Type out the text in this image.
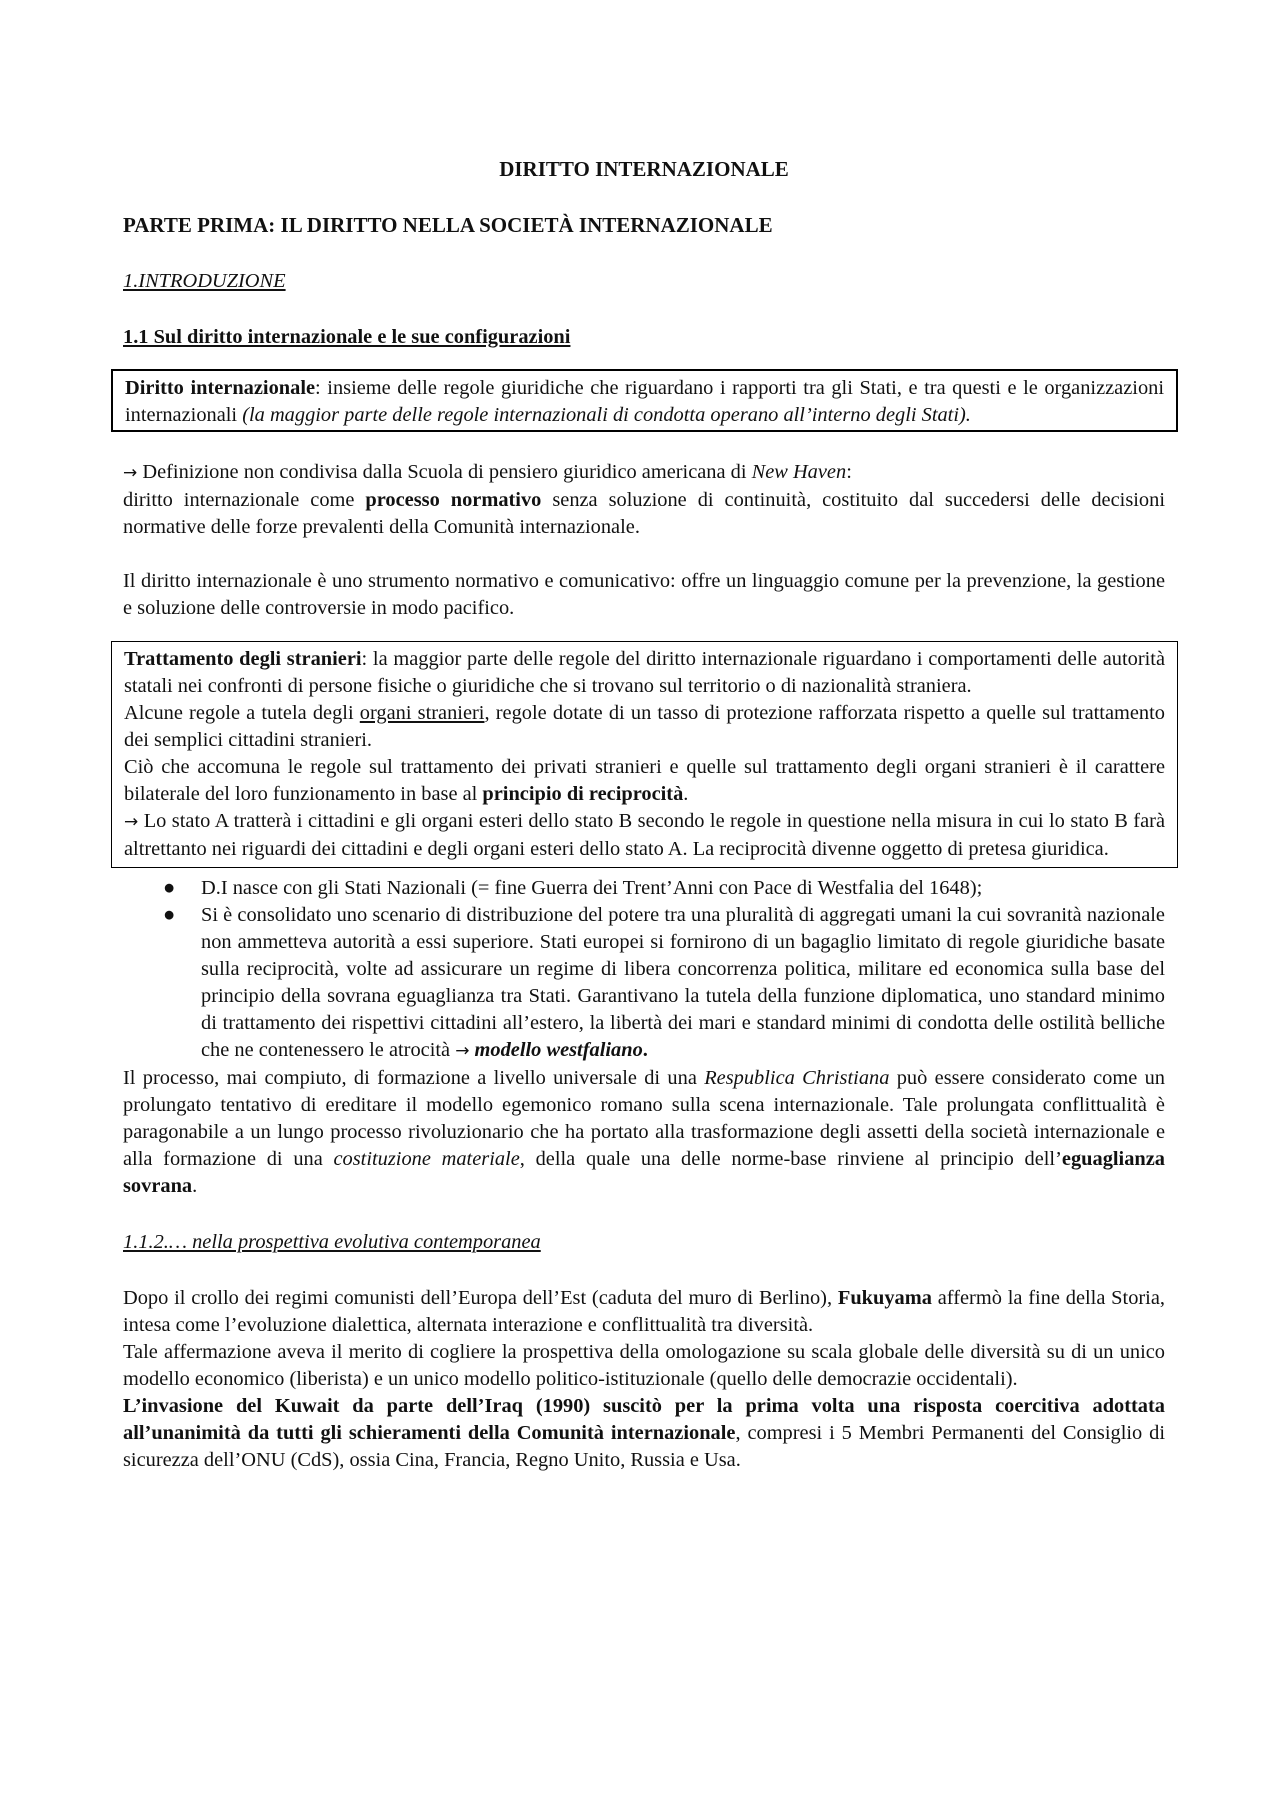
DIRITTO INTERNAZIONALE

PARTE PRIMA: IL DIRITTO NELLA SOCIETÀ INTERNAZIONALE

1.INTRODUZIONE

1.1 Sul diritto internazionale e le sue configurazioni

Diritto internazionale: insieme delle regole giuridiche che riguardano i rapporti tra gli Stati, e tra questi e le organizzazioni internazionali (la maggior parte delle regole internazionali di condotta operano all’interno degli Stati).

→ Definizione non condivisa dalla Scuola di pensiero giuridico americana di New Haven:
diritto internazionale come processo normativo senza soluzione di continuità, costituito dal succedersi delle decisioni normative delle forze prevalenti della Comunità internazionale.

Il diritto internazionale è uno strumento normativo e comunicativo: offre un linguaggio comune per la prevenzione, la gestione e soluzione delle controversie in modo pacifico.

Trattamento degli stranieri: la maggior parte delle regole del diritto internazionale riguardano i comportamenti delle autorità statali nei confronti di persone fisiche o giuridiche che si trovano sul territorio o di nazionalità straniera.

Alcune regole a tutela degli organi stranieri, regole dotate di un tasso di protezione rafforzata rispetto a quelle sul trattamento dei semplici cittadini stranieri.

Ciò che accomuna le regole sul trattamento dei privati stranieri e quelle sul trattamento degli organi stranieri è il carattere bilaterale del loro funzionamento in base al principio di reciprocità.

→ Lo stato A tratterà i cittadini e gli organi esteri dello stato B secondo le regole in questione nella misura in cui lo stato B farà altrettanto nei riguardi dei cittadini e degli organi esteri dello stato A. La reciprocità divenne oggetto di pretesa giuridica.

● D.I nasce con gli Stati Nazionali (= fine Guerra dei Trent’Anni con Pace di Westfalia del 1648);
● Si è consolidato uno scenario di distribuzione del potere tra una pluralità di aggregati umani la cui sovranità nazionale non ammetteva autorità a essi superiore. Stati europei si fornirono di un bagaglio limitato di regole giuridiche basate sulla reciprocità, volte ad assicurare un regime di libera concorrenza politica, militare ed economica sulla base del principio della sovrana eguaglianza tra Stati. Garantivano la tutela della funzione diplomatica, uno standard minimo di trattamento dei rispettivi cittadini all’estero, la libertà dei mari e standard minimi di condotta delle ostilità belliche che ne contenessero le atrocità → modello westfaliano.

Il processo, mai compiuto, di formazione a livello universale di una Respublica Christiana può essere considerato come un prolungato tentativo di ereditare il modello egemonico romano sulla scena internazionale. Tale prolungata conflittualità è paragonabile a un lungo processo rivoluzionario che ha portato alla trasformazione degli assetti della società internazionale e alla formazione di una costituzione materiale, della quale una delle norme-base rinviene al principio dell’eguaglianza sovrana.

1.1.2.… nella prospettiva evolutiva contemporanea

Dopo il crollo dei regimi comunisti dell’Europa dell’Est (caduta del muro di Berlino), Fukuyama affermò la fine della Storia, intesa come l’evoluzione dialettica, alternata interazione e conflittualità tra diversità.

Tale affermazione aveva il merito di cogliere la prospettiva della omologazione su scala globale delle diversità su di un unico modello economico (liberista) e un unico modello politico-istituzionale (quello delle democrazie occidentali).

L’invasione del Kuwait da parte dell’Iraq (1990) suscitò per la prima volta una risposta coercitiva adottata all’unanimità da tutti gli schieramenti della Comunità internazionale, compresi i 5 Membri Permanenti del Consiglio di sicurezza dell’ONU (CdS), ossia Cina, Francia, Regno Unito, Russia e Usa.
